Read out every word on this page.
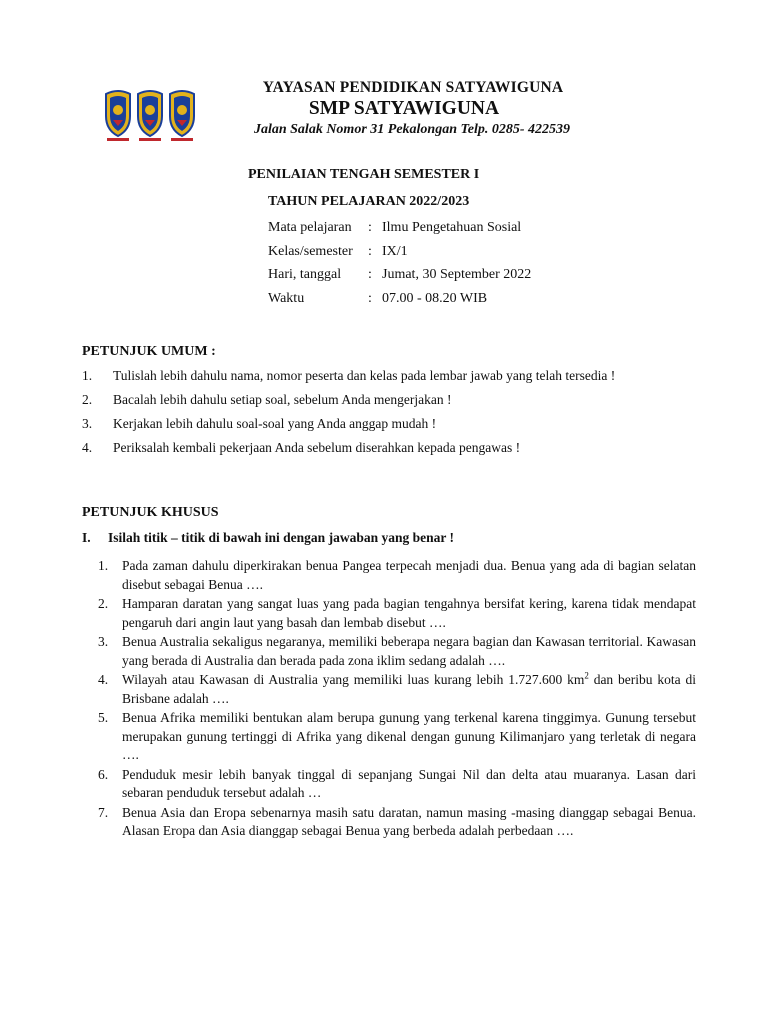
YAYASAN PENDIDIKAN SATYAWIGUNA
SMP SATYAWIGUNA
Jalan Salak Nomor 31 Pekalongan Telp. 0285- 422539
PENILAIAN TENGAH SEMESTER I
TAHUN PELAJARAN 2022/2023
Mata pelajaran	: Ilmu Pengetahuan Sosial
Kelas/semester	: IX/1
Hari, tanggal	: Jumat, 30 September 2022
Waktu	: 07.00 - 08.20 WIB
PETUNJUK UMUM :
1.	Tulislah lebih dahulu nama, nomor peserta dan kelas pada lembar jawab yang telah tersedia !
2.	Bacalah lebih dahulu setiap soal, sebelum Anda mengerjakan !
3.	Kerjakan lebih dahulu soal-soal yang Anda anggap mudah !
4.	Periksalah kembali pekerjaan Anda sebelum diserahkan kepada pengawas !
PETUNJUK KHUSUS
I.	Isilah titik – titik di bawah ini dengan jawaban yang benar !
1.	Pada zaman dahulu diperkirakan benua Pangea terpecah menjadi dua. Benua yang ada di bagian selatan disebut sebagai Benua ….
2.	Hamparan daratan yang sangat luas yang pada bagian tengahnya bersifat kering, karena tidak mendapat pengaruh dari angin laut yang basah dan lembab disebut ….
3.	Benua Australia sekaligus negaranya, memiliki beberapa negara bagian dan Kawasan territorial. Kawasan yang berada di Australia dan berada pada zona iklim sedang adalah ….
4.	Wilayah atau Kawasan di Australia yang memiliki luas kurang lebih 1.727.600 $km^2$ dan beribu kota di Brisbane adalah ….
5.	Benua Afrika memiliki bentukan alam berupa gunung yang terkenal karena tinggimya. Gunung tersebut merupakan gunung tertinggi di Afrika yang dikenal dengan gunung Kilimanjaro yang terletak di negara ….
6.	Penduduk mesir lebih banyak tinggal di sepanjang Sungai Nil dan delta atau muaranya. Lasan dari sebaran penduduk tersebut adalah …
7.	Benua Asia dan Eropa sebenarnya masih satu daratan, namun masing -masing dianggap sebagai Benua. Alasan Eropa dan Asia dianggap sebagai Benua yang berbeda adalah perbedaan ….
